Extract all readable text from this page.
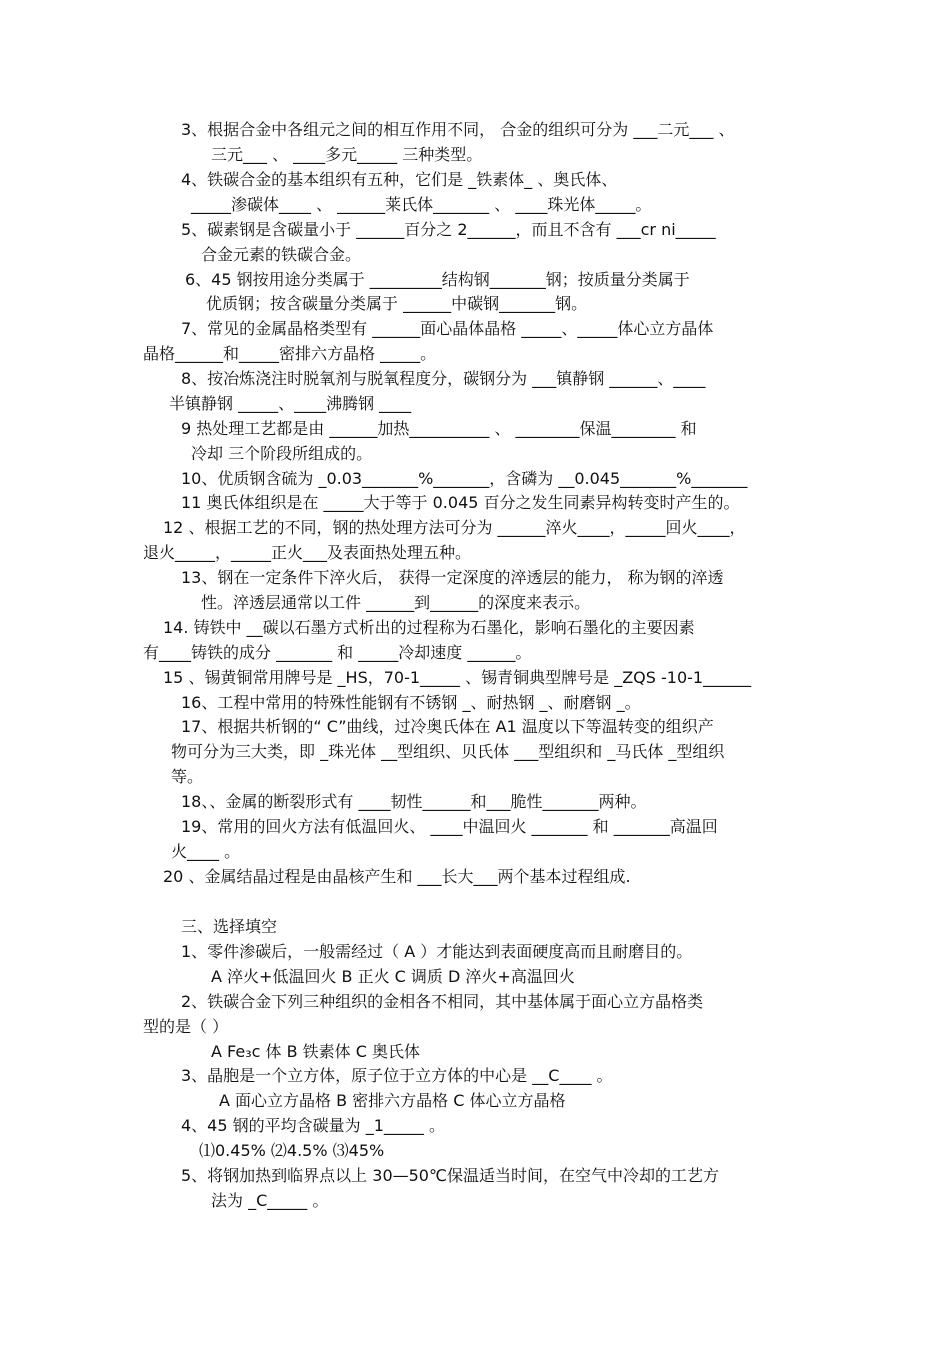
3、根据合金中各组元之间的相互作用不同， 合金的组织可分为 ___二元___ 、

三元___ 、 ____多元_____ 三种类型。

4、铁碳合金的基本组织有五种，它们是 _铁素体_ 、奥氏体、

_____渗碳体____ 、 ______莱氏体_______ 、 ____珠光体_____。

5、碳素钢是含碳量小于 ______百分之 2______，而且不含有 ___cr ni_____

合金元素的铁碳合金。

6、45 钢按用途分类属于 _________结构钢_______钢；按质量分类属于

优质钢；按含碳量分类属于 ______中碳钢_______钢。

7、常见的金属晶格类型有 ______面心晶体晶格 _____、_____体心立方晶体

晶格______和_____密排六方晶格 _____。

8、按冶炼浇注时脱氧剂与脱氧程度分，碳钢分为 ___镇静钢 ______、____

半镇静钢 _____、____沸腾钢 ____

9 热处理工艺都是由 ______加热__________ 、 ________保温________ 和

冷却 三个阶段所组成的。

10、优质钢含硫为 _0.03_______%_______，含磷为 __0.045_______%_______

11 奥氏体组织是在 _____大于等于 0.045 百分之发生同素异构转变时产生的。

12 、根据工艺的不同，钢的热处理方法可分为 ______淬火____，_____回火____，

退火_____，_____正火___及表面热处理五种。

13、钢在一定条件下淬火后， 获得一定深度的淬透层的能力， 称为钢的淬透

性。淬透层通常以工件 ______到______的深度来表示。

14. 铸铁中 __碳以石墨方式析出的过程称为石墨化，影响石墨化的主要因素

有____铸铁的成分 _______ 和 _____冷却速度 ______。

15 、锡黄铜常用牌号是 _HS，70-1_____ 、锡青铜典型牌号是 _ZQS -10-1______

16、工程中常用的特殊性能钢有不锈钢 _、耐热钢 _、耐磨钢 _。

17、根据共析钢的“ C”曲线，过冷奥氏体在 A1 温度以下等温转变的组织产

物可分为三大类，即 _珠光体 __型组织、贝氏体 ___型组织和 _马氏体 _型组织

等。

18、、金属的断裂形式有 ____韧性______和___脆性_______两种。

19、常用的回火方法有低温回火、 ____中温回火 _______ 和 _______高温回

火____ 。

20 、金属结晶过程是由晶核产生和 ___长大___两个基本过程组成.

三、选择填空

1、零件渗碳后，一般需经过（ A ）才能达到表面硬度高而且耐磨目的。

A 淬火+低温回火 B 正火 C 调质 D 淬火+高温回火

2、铁碳合金下列三种组织的金相各不相同，其中基体属于面心立方晶格类

型的是（ ）

A Fe₃c 体 B 铁素体 C 奥氏体

3、晶胞是一个立方体，原子位于立方体的中心是 __C____ 。

A 面心立方晶格 B 密排六方晶格 C 体心立方晶格

4、45 钢的平均含碳量为 _1_____ 。

⑴0.45% ⑵4.5% ⑶45%

5、将钢加热到临界点以上 30—50℃保温适当时间，在空气中冷却的工艺方

法为 _C_____ 。
